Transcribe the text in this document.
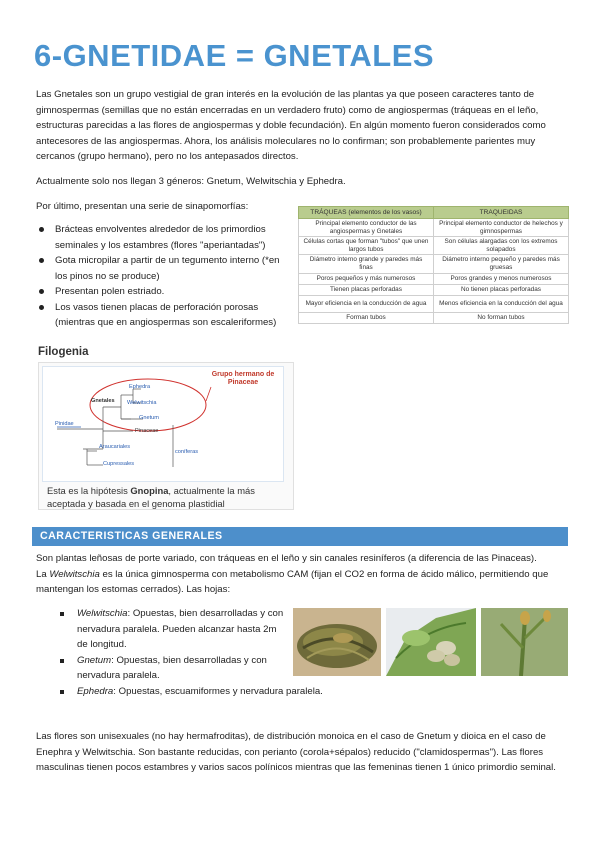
6-GNETIDAE = GNETALES

Las Gnetales son un grupo vestigial de gran interés en la evolución de las plantas ya que poseen caracteres tanto de gimnospermas (semillas que no están encerradas en un verdadero fruto) como de angiospermas (tráqueas en el leño, estructuras parecidas a las flores de angiospermas y doble fecundación). En algún momento fueron considerados como antecesores de las angiospermas. Ahora, los análisis moleculares no lo confirman; son probablemente parientes muy cercanos (grupo hermano), pero no los antepasados directos.

Actualmente solo nos llegan 3 géneros: Gnetum, Welwitschia y Ephedra.

Por último, presentan una serie de sinapomorfías:

Brácteas envolventes alrededor de los primordios seminales y los estambres (flores "aperiantadas")
Gota micropilar a partir de un tegumento interno (*en los pinos no se produce)
Presentan polen estriado.
Los vasos tienen placas de perforación porosas (mientras que en angiospermas son escaleriformes)
TRÁQUEAS (elementos de los vasos)	TRAQUEIDAS
Principal elemento conductor de las angiospermas y Gnetales	Principal elemento conductor de helechos y gimnospermas
Células cortas que forman "tubos" que unen largos tubos	Son células alargadas con los extremos solapados
Diámetro interno grande y paredes más finas	Diámetro interno pequeño y paredes más gruesas
Poros pequeños y más numerosos	Poros grandes y menos numerosos
Tienen placas perforadas	No tienen placas perforadas
Mayor eficiencia en la conducción de agua	Menos eficiencia en la conducción del agua
Forman tubos	No forman tubos
Filogenia
Ephedra
Gnetales Welwitschia
Gnetum
Pinidae
Pinaceae
Araucariales
Cupressales
coníferas
Grupo hermano de Pinaceae
Esta es la hipótesis Gnopina, actualmente la más aceptada y basada en el genoma plastidial
CARACTERISTICAS GENERALES

Son plantas leñosas de porte variado, con tráqueas en el leño y sin canales resiníferos (a diferencia de las Pinaceas).
La Welwitschia es la única gimnosperma con metabolismo CAM (fijan el CO2 en forma de ácido málico, permitiendo que mantengan los estomas cerrados). Las hojas:

Welwitschia: Opuestas, bien desarrolladas y con nervadura paralela. Pueden alcanzar hasta 2m de longitud.
Gnetum: Opuestas, bien desarrolladas y con nervadura paralela.
Ephedra: Opuestas, escuamiformes y nervadura paralela.

Las flores son unisexuales (no hay hermafroditas), de distribución monoica en el caso de Gnetum y dioica en el caso de Enephra y Welwitschia. Son bastante reducidas, con perianto (corola+sépalos) reducido ("clamidospermas"). Las flores masculinas tienen pocos estambres y varios sacos polínicos mientras que las femeninas tienen 1 único primordio seminal.
